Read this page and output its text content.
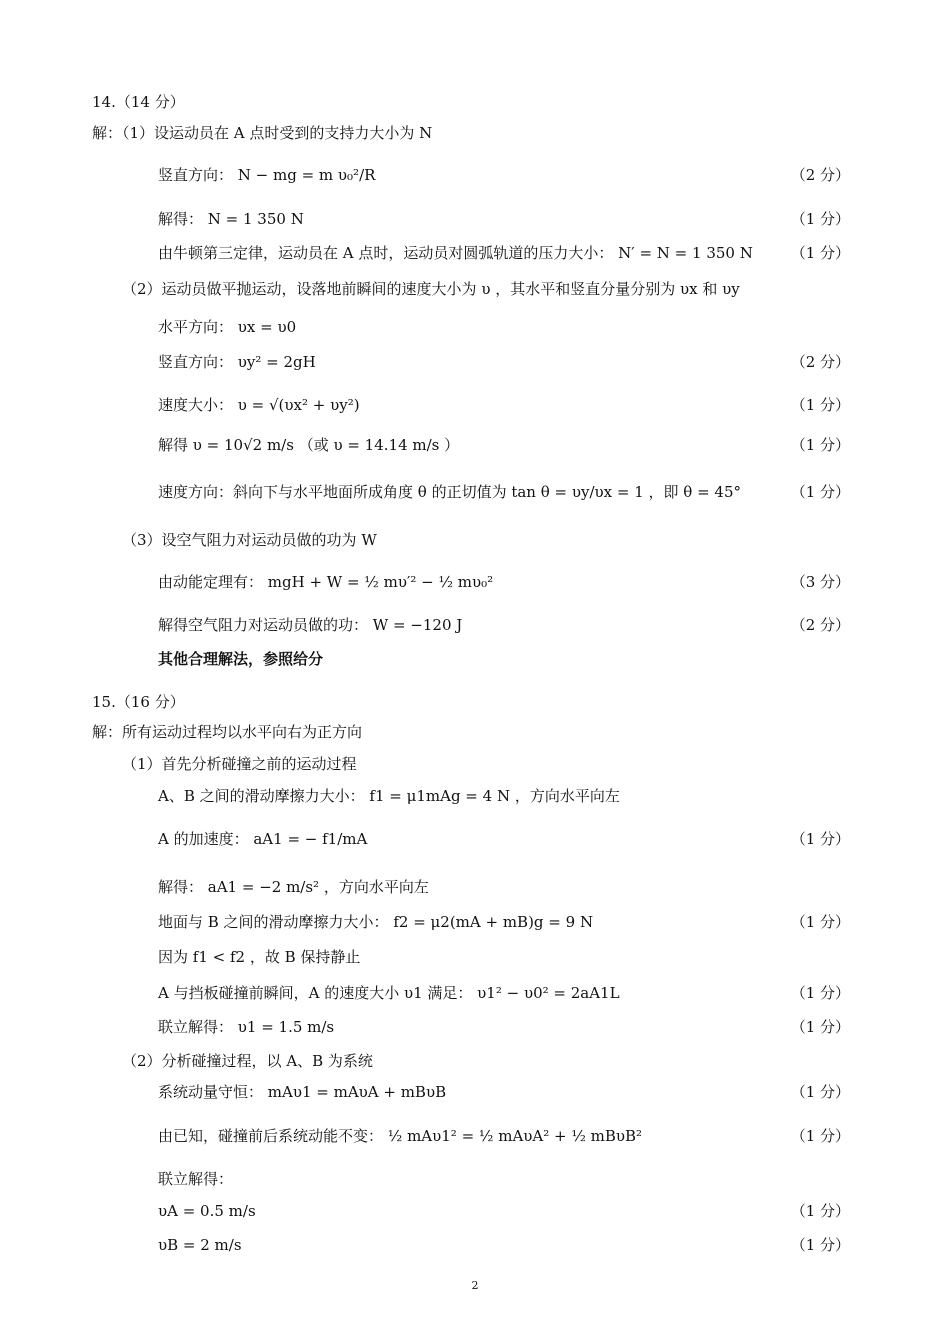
14.（14 分）
解：（1）设运动员在 A 点时受到的支持力大小为 N
竖直方向： N − mg = m υ₀²/R	（2 分）
解得： N = 1 350 N	（1 分）
由牛顿第三定律，运动员在 A 点时，运动员对圆弧轨道的压力大小： N′ = N = 1 350 N	（1 分）
（2）运动员做平抛运动，设落地前瞬间的速度大小为 υ ，其水平和竖直分量分别为 υx 和 υy
水平方向： υx = υ0
竖直方向： υy² = 2gH	（2 分）
速度大小： υ = √(υx² + υy²)	（1 分）
解得 υ = 10√2 m/s （或 υ = 14.14 m/s ）	（1 分）
速度方向：斜向下与水平地面所成角度 θ 的正切值为 tan θ = υy/υx = 1 ，即 θ = 45°	（1 分）
（3）设空气阻力对运动员做的功为 W
由动能定理有： mgH + W = ½ mυ′² − ½ mυ₀²	（3 分）
解得空气阻力对运动员做的功： W = −120 J	（2 分）
其他合理解法，参照给分
15.（16 分）
解：所有运动过程均以水平向右为正方向
（1）首先分析碰撞之前的运动过程
A、B 之间的滑动摩擦力大小： f1 = μ1mAg = 4 N ，方向水平向左
A 的加速度： aA1 = − f1/mA	（1 分）
解得： aA1 = −2 m/s² ，方向水平向左
地面与 B 之间的滑动摩擦力大小： f2 = μ2(mA + mB)g = 9 N	（1 分）
因为 f1 < f2 ，故 B 保持静止
A 与挡板碰撞前瞬间，A 的速度大小 υ1 满足： υ1² − υ0² = 2aA1L	（1 分）
联立解得： υ1 = 1.5 m/s	（1 分）
（2）分析碰撞过程，以 A、B 为系统
系统动量守恒： mAυ1 = mAυA + mBυB	（1 分）
由已知，碰撞前后系统动能不变： ½ mAυ1² = ½ mAυA² + ½ mBυB²	（1 分）
联立解得：
υA = 0.5 m/s	（1 分）
υB = 2 m/s	（1 分）
2
